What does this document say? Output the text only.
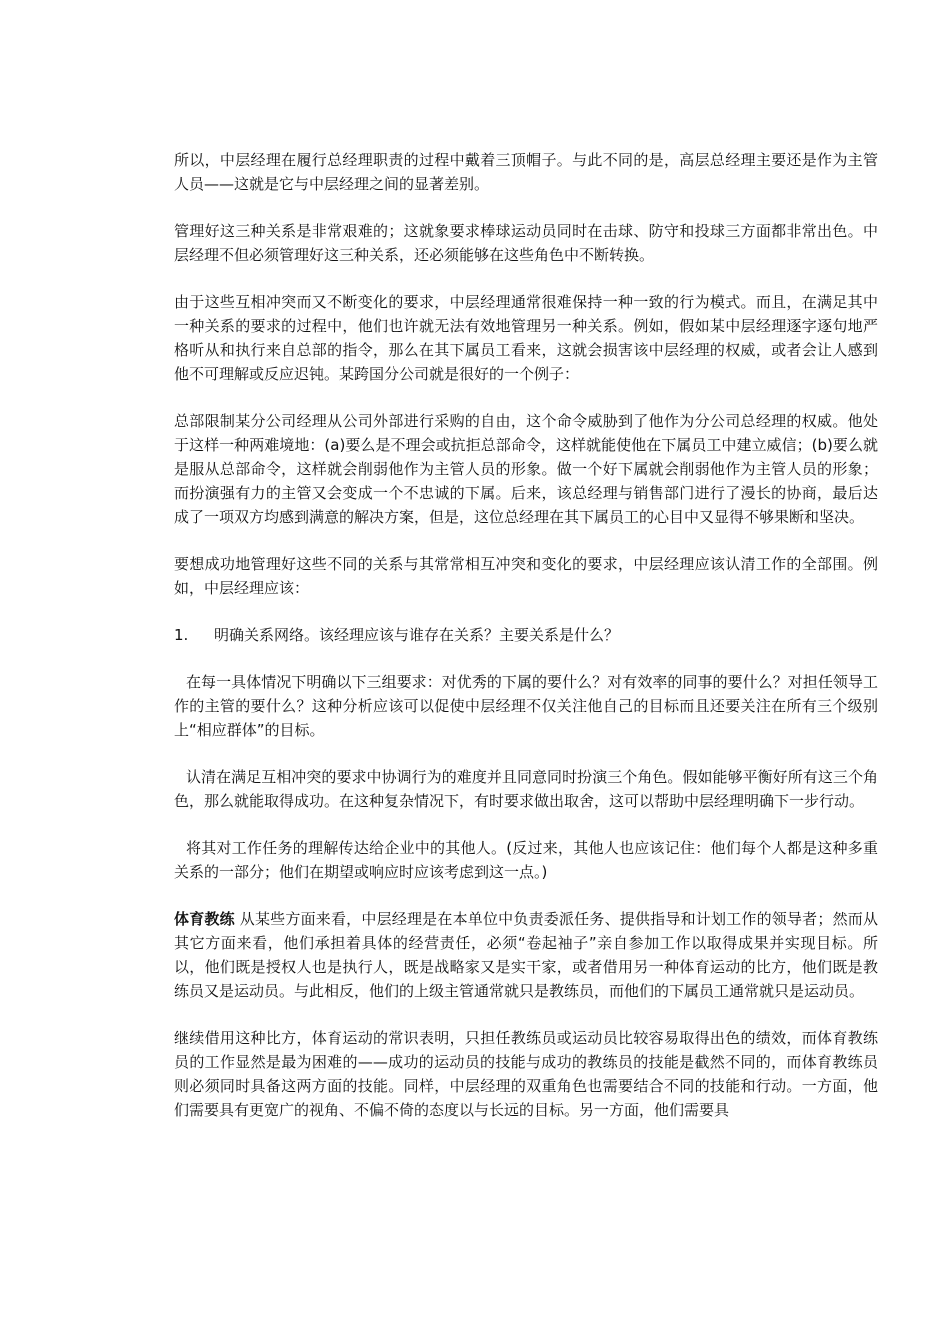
所以，中层经理在履行总经理职责的过程中戴着三顶帽子。与此不同的是，高层总经理主要还是作为主管人员——这就是它与中层经理之间的显著差别。

管理好这三种关系是非常艰难的；这就象要求棒球运动员同时在击球、防守和投球三方面都非常出色。中层经理不但必须管理好这三种关系，还必须能够在这些角色中不断转换。

由于这些互相冲突而又不断变化的要求，中层经理通常很难保持一种一致的行为模式。而且，在满足其中一种关系的要求的过程中，他们也许就无法有效地管理另一种关系。例如，假如某中层经理逐字逐句地严格听从和执行来自总部的指令，那么在其下属员工看来，这就会损害该中层经理的权威，或者会让人感到他不可理解或反应迟钝。某跨国分公司就是很好的一个例子：

总部限制某分公司经理从公司外部进行采购的自由，这个命令威胁到了他作为分公司总经理的权威。他处于这样一种两难境地：(a)要么是不理会或抗拒总部命令，这样就能使他在下属员工中建立威信；(b)要么就是服从总部命令，这样就会削弱他作为主管人员的形象。做一个好下属就会削弱他作为主管人员的形象；而扮演强有力的主管又会变成一个不忠诚的下属。后来，该总经理与销售部门进行了漫长的协商，最后达成了一项双方均感到满意的解决方案，但是，这位总经理在其下属员工的心目中又显得不够果断和坚决。

要想成功地管理好这些不同的关系与其常常相互冲突和变化的要求，中层经理应该认清工作的全部围。例如，中层经理应该：

1.	明确关系网络。该经理应该与谁存在关系？主要关系是什么？

在每一具体情况下明确以下三组要求：对优秀的下属的要什么？对有效率的同事的要什么？对担任领导工作的主管的要什么？这种分析应该可以促使中层经理不仅关注他自己的目标而且还要关注在所有三个级别上“相应群体”的目标。

认清在满足互相冲突的要求中协调行为的难度并且同意同时扮演三个角色。假如能够平衡好所有这三个角色，那么就能取得成功。在这种复杂情况下，有时要求做出取舍，这可以帮助中层经理明确下一步行动。

将其对工作任务的理解传达给企业中的其他人。(反过来，其他人也应该记住：他们每个人都是这种多重关系的一部分；他们在期望或响应时应该考虑到这一点。)

体育教练 从某些方面来看，中层经理是在本单位中负责委派任务、提供指导和计划工作的领导者；然而从其它方面来看，他们承担着具体的经营责任，必须“卷起袖子”亲自参加工作以取得成果并实现目标。所以，他们既是授权人也是执行人，既是战略家又是实干家，或者借用另一种体育运动的比方，他们既是教练员又是运动员。与此相反，他们的上级主管通常就只是教练员，而他们的下属员工通常就只是运动员。

继续借用这种比方，体育运动的常识表明，只担任教练员或运动员比较容易取得出色的绩效，而体育教练员的工作显然是最为困难的——成功的运动员的技能与成功的教练员的技能是截然不同的，而体育教练员则必须同时具备这两方面的技能。同样，中层经理的双重角色也需要结合不同的技能和行动。一方面，他们需要具有更宽广的视角、不偏不倚的态度以与长远的目标。另一方面，他们需要具
